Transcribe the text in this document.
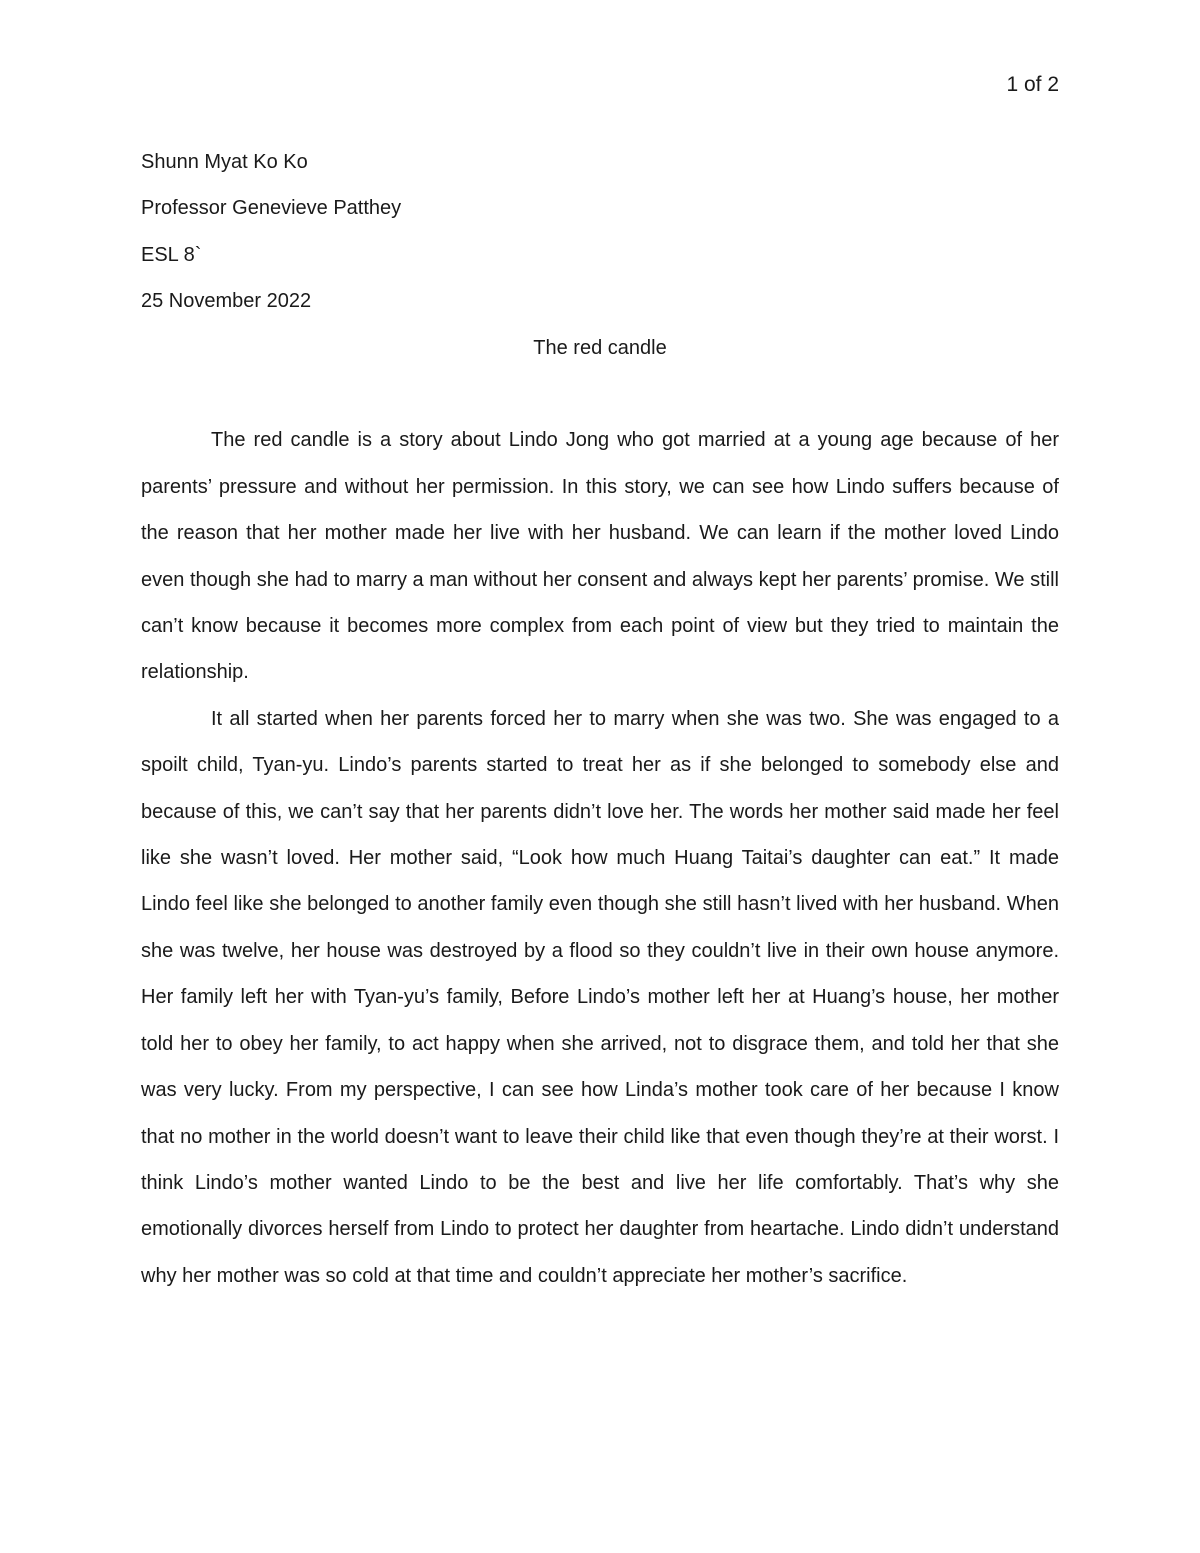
1 of 2

Shunn Myat Ko Ko

Professor Genevieve Patthey

ESL 8`

25 November 2022

The red candle

The red candle is a story about Lindo Jong who got married at a young age because of her parents’ pressure and without her permission. In this story, we can see how Lindo suffers because of the reason that her mother made her live with her husband. We can learn if the mother loved Lindo even though she had to marry a man without her consent and always kept her parents’ promise. We still can’t know because it becomes more complex from each point of view but they tried to maintain the relationship.

It all started when her parents forced her to marry when she was two. She was engaged to a spoilt child, Tyan-yu. Lindo’s parents started to treat her as if she belonged to somebody else and because of this, we can’t say that her parents didn’t love her. The words her mother said made her feel like she wasn’t loved. Her mother said, “Look how much Huang Taitai’s daughter can eat.” It made Lindo feel like she belonged to another family even though she still hasn’t lived with her husband. When she was twelve, her house was destroyed by a flood so they couldn’t live in their own house anymore. Her family left her with Tyan-yu’s family, Before Lindo’s mother left her at Huang’s house, her mother told her to obey her family, to act happy when she arrived, not to disgrace them, and told her that she was very lucky. From my perspective, I can see how Linda’s mother took care of her because I know that no mother in the world doesn’t want to leave their child like that even though they’re at their worst. I think Lindo’s mother wanted Lindo to be the best and live her life comfortably. That’s why she emotionally divorces herself from Lindo to protect her daughter from heartache. Lindo didn’t understand why her mother was so cold at that time and couldn’t appreciate her mother’s sacrifice.
